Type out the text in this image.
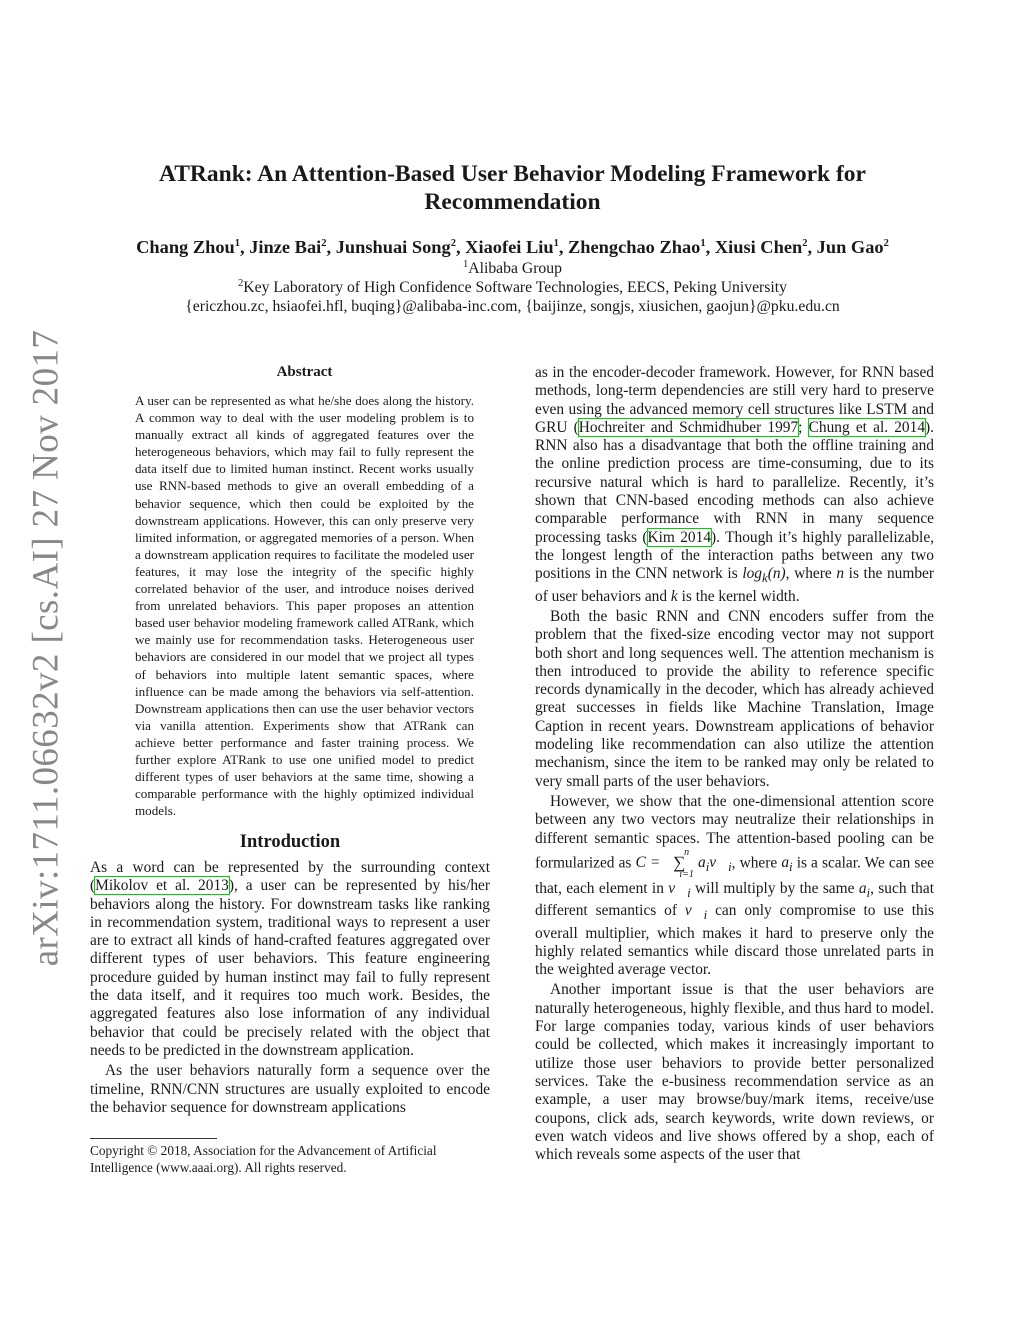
arXiv:1711.06632v2 [cs.AI] 27 Nov 2017
ATRank: An Attention-Based User Behavior Modeling Framework for Recommendation
Chang Zhou$^1$, Jinze Bai$^2$, Junshuai Song$^2$, Xiaofei Liu$^1$, Zhengchao Zhao$^1$, Xiusi Chen$^2$, Jun Gao$^2$
$^1$Alibaba Group
$^2$Key Laboratory of High Confidence Software Technologies, EECS, Peking University
{ericzhou.zc, hsiaofei.hfl, buqing}@alibaba-inc.com, {baijinze, songjs, xiusichen, gaojun}@pku.edu.cn
Abstract
A user can be represented as what he/she does along the history. A common way to deal with the user modeling problem is to manually extract all kinds of aggregated features over the heterogeneous behaviors, which may fail to fully represent the data itself due to limited human instinct. Recent works usually use RNN-based methods to give an overall embedding of a behavior sequence, which then could be exploited by the downstream applications. However, this can only preserve very limited information, or aggregated memories of a person. When a downstream application requires to facilitate the modeled user features, it may lose the integrity of the specific highly correlated behavior of the user, and introduce noises derived from unrelated behaviors. This paper proposes an attention based user behavior modeling framework called ATRank, which we mainly use for recommendation tasks. Heterogeneous user behaviors are considered in our model that we project all types of behaviors into multiple latent semantic spaces, where influence can be made among the behaviors via self-attention. Downstream applications then can use the user behavior vectors via vanilla attention. Experiments show that ATRank can achieve better performance and faster training process. We further explore ATRank to use one unified model to predict different types of user behaviors at the same time, showing a comparable performance with the highly optimized individual models.
Introduction

As a word can be represented by the surrounding context (Mikolov et al. 2013), a user can be represented by his/her behaviors along the history. For downstream tasks like ranking in recommendation system, traditional ways to represent a user are to extract all kinds of hand-crafted features aggregated over different types of user behaviors. This feature engineering procedure guided by human instinct may fail to fully represent the data itself, and it requires too much work. Besides, the aggregated features also lose information of any individual behavior that could be precisely related with the object that needs to be predicted in the downstream application.

As the user behaviors naturally form a sequence over the timeline, RNN/CNN structures are usually exploited to encode the behavior sequence for downstream applications

Copyright © 2018, Association for the Advancement of Artificial Intelligence (www.aaai.org). All rights reserved.

as in the encoder-decoder framework. However, for RNN based methods, long-term dependencies are still very hard to preserve even using the advanced memory cell structures like LSTM and GRU (Hochreiter and Schmidhuber 1997; Chung et al. 2014). RNN also has a disadvantage that both the offline training and the online prediction process are time-consuming, due to its recursive natural which is hard to parallelize. Recently, it’s shown that CNN-based encoding methods can also achieve comparable performance with RNN in many sequence processing tasks (Kim 2014). Though it’s highly parallelizable, the longest length of the interaction paths between any two positions in the CNN network is $\log_k(n)$, where n is the number of user behaviors and k is the kernel width.

Both the basic RNN and CNN encoders suffer from the problem that the fixed-size encoding vector may not support both short and long sequences well. The attention mechanism is then introduced to provide the ability to reference specific records dynamically in the decoder, which has already achieved great successes in fields like Machine Translation, Image Caption in recent years. Downstream applications of behavior modeling like recommendation can also utilize the attention mechanism, since the item to be ranked may only be related to very small parts of the user behaviors.

However, we show that the one-dimensional attention score between any two vectors may neutralize their relationships in different semantic spaces. The attention-based pooling can be formularized as C =
n
∑
i=1
$a_iv⃗_i$, where $a_i$ is a scalar. We can see that, each element in $v⃗_i$ will multiply by the same $a_i$, such that different semantics of $v⃗_i$ can only compromise to use this overall multiplier, which makes it hard to preserve only the highly related semantics while discard those unrelated parts in the weighted average vector.

Another important issue is that the user behaviors are naturally heterogeneous, highly flexible, and thus hard to model. For large companies today, various kinds of user behaviors could be collected, which makes it increasingly important to utilize those user behaviors to provide better personalized services. Take the e-business recommendation service as an example, a user may browse/buy/mark items, receive/use coupons, click ads, search keywords, write down reviews, or even watch videos and live shows offered by a shop, each of which reveals some aspects of the user that
